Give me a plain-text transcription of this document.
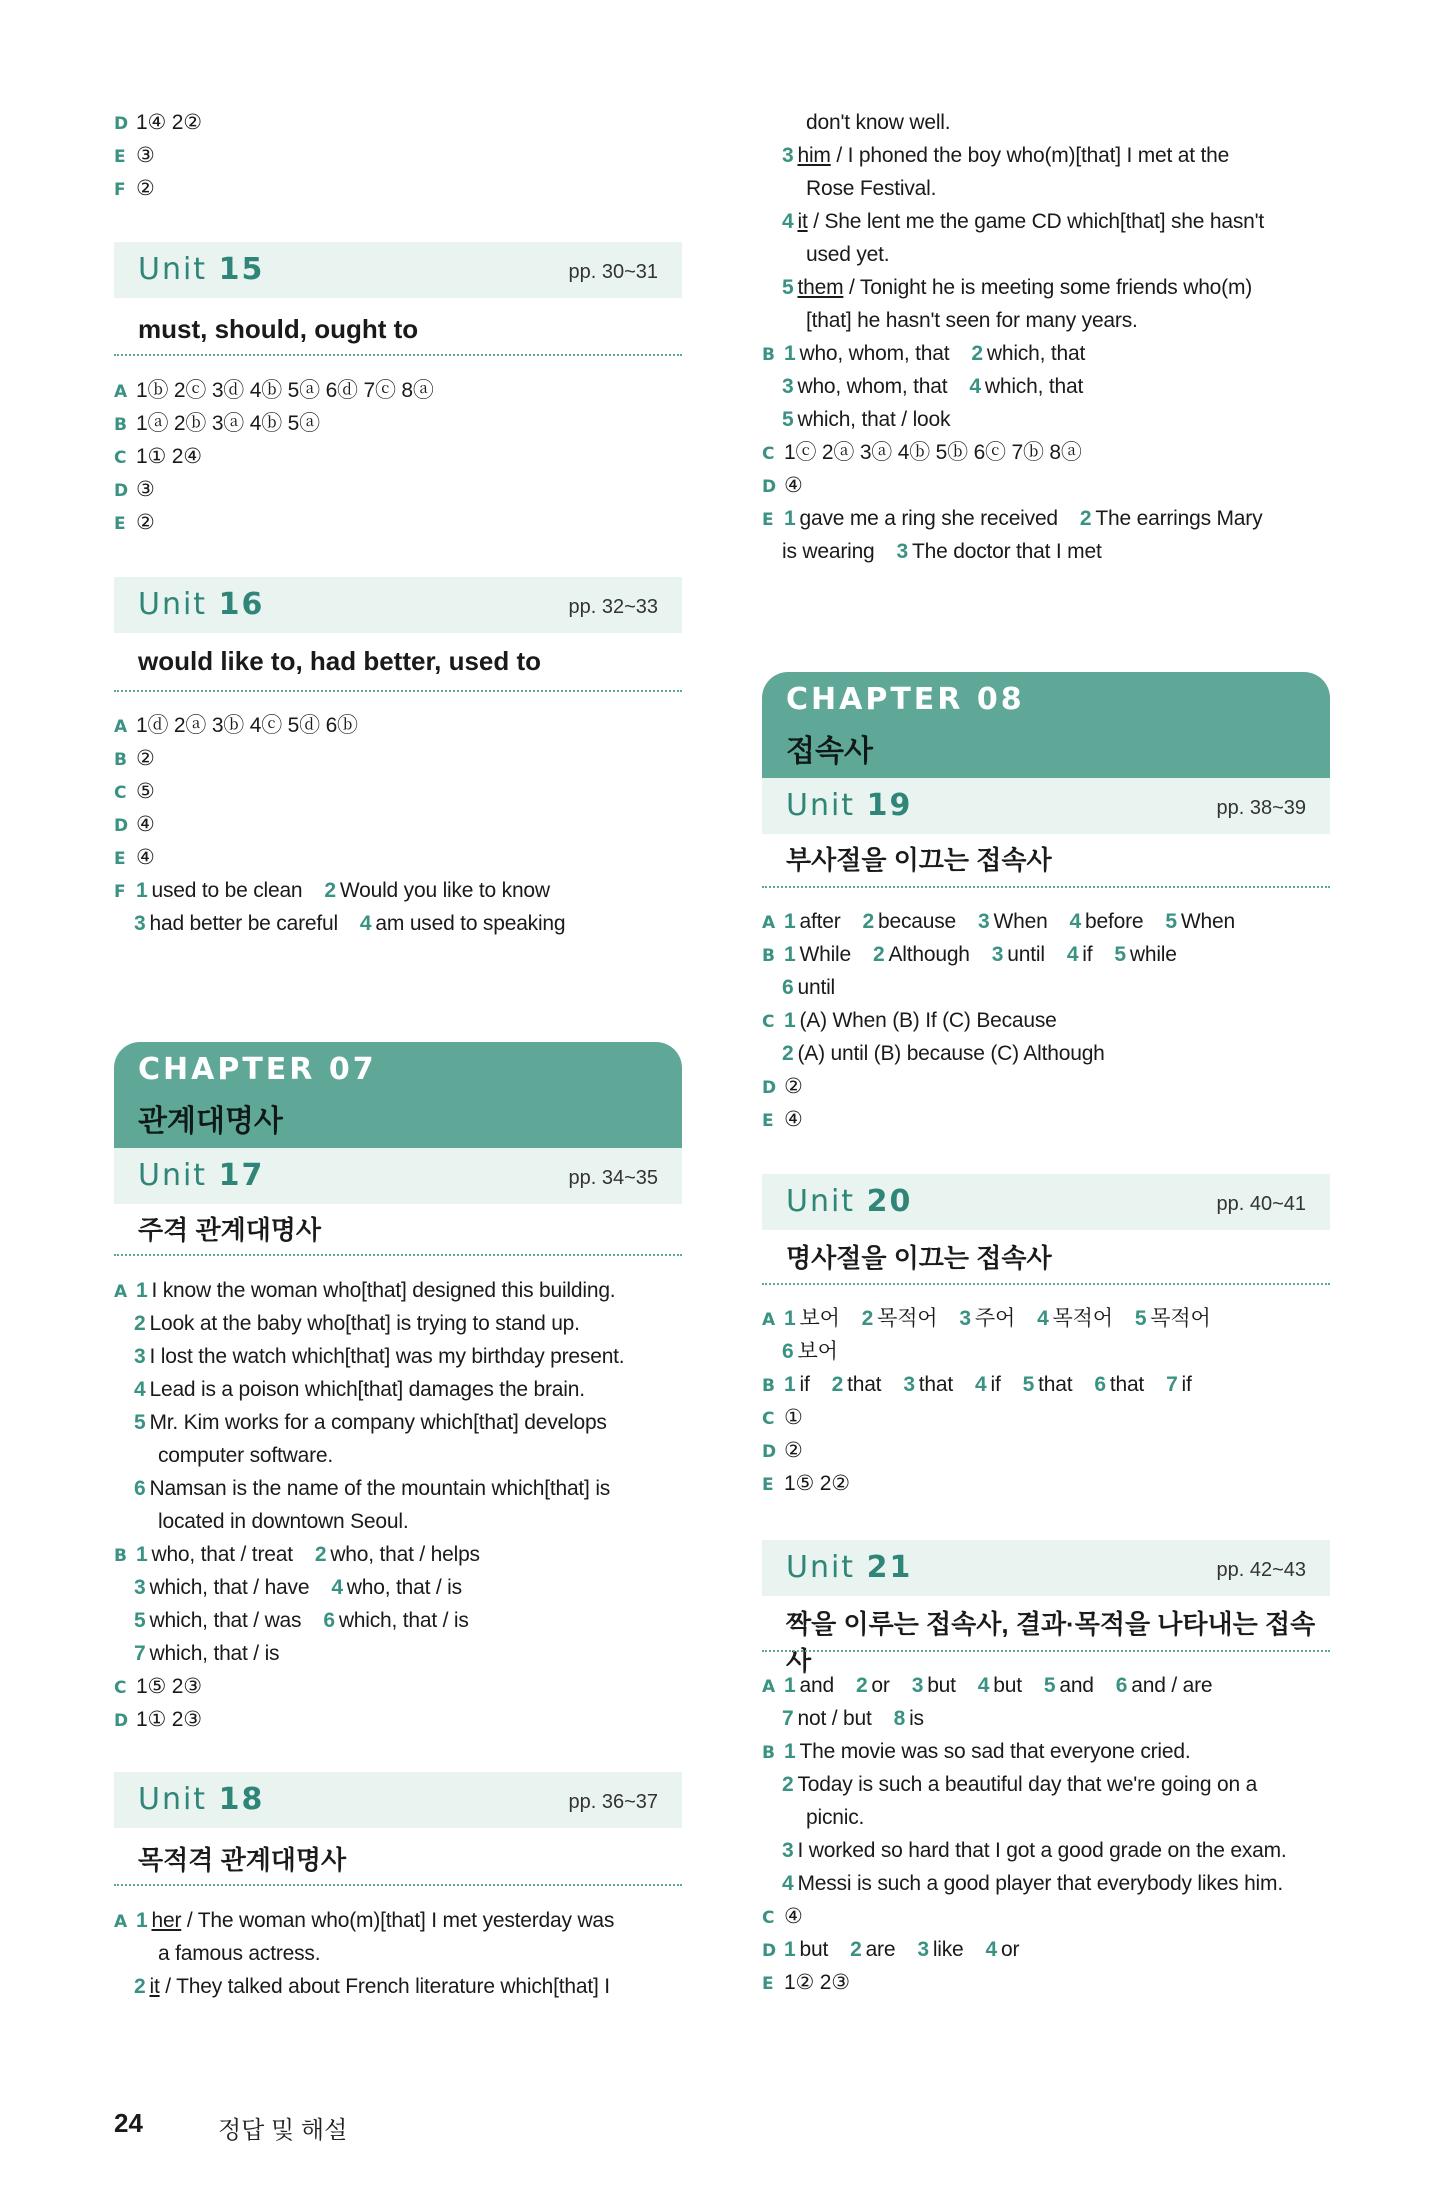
D 1④ 2②
E ③
F ②
Unit 15	pp. 30~31
must, should, ought to
A 1ⓑ 2ⓒ 3ⓓ 4ⓑ 5ⓐ 6ⓓ 7ⓒ 8ⓐ
B 1ⓐ 2ⓑ 3ⓐ 4ⓑ 5ⓐ
C 1① 2④
D ③
E ②
Unit 16	pp. 32~33
would like to, had better, used to
A 1ⓓ 2ⓐ 3ⓑ 4ⓒ 5ⓓ 6ⓑ
B ②
C ⑤
D ④
E ④
F 1 used to be clean 2 Would you like to know
3 had better be careful 4 am used to speaking
CHAPTER 07
관계대명사
Unit 17	pp. 34~35
주격 관계대명사
A 1 I know the woman who[that] designed this building.
2 Look at the baby who[that] is trying to stand up.
3 I lost the watch which[that] was my birthday present.
4 Lead is a poison which[that] damages the brain.
5 Mr. Kim works for a company which[that] develops
computer software.
6 Namsan is the name of the mountain which[that] is
located in downtown Seoul.
B 1 who, that / treat 2 who, that / helps
3 which, that / have 4 who, that / is
5 which, that / was 6 which, that / is
7 which, that / is
C 1⑤ 2③
D 1① 2③
Unit 18	pp. 36~37
목적격 관계대명사
A 1 her / The woman who(m)[that] I met yesterday was
a famous actress.
2 it / They talked about French literature which[that] I
don't know well.
3 him / I phoned the boy who(m)[that] I met at the
Rose Festival.
4 it / She lent me the game CD which[that] she hasn't
used yet.
5 them / Tonight he is meeting some friends who(m)
[that] he hasn't seen for many years.
B 1 who, whom, that 2 which, that
3 who, whom, that 4 which, that
5 which, that / look
C 1ⓒ 2ⓐ 3ⓐ 4ⓑ 5ⓑ 6ⓒ 7ⓑ 8ⓐ
D ④
E 1 gave me a ring she received 2 The earrings Mary
is wearing 3 The doctor that I met
CHAPTER 08
접속사
Unit 19	pp. 38~39
부사절을 이끄는 접속사
A 1 after 2 because 3 When 4 before 5 When
B 1 While 2 Although 3 until 4 if 5 while
6 until
C 1 (A) When (B) If (C) Because
2 (A) until (B) because (C) Although
D ②
E ④
Unit 20	pp. 40~41
명사절을 이끄는 접속사
A 1 보어 2 목적어 3 주어 4 목적어 5 목적어
6 보어
B 1 if 2 that 3 that 4 if 5 that 6 that 7 if
C ①
D ②
E 1⑤ 2②
Unit 21	pp. 42~43
짝을 이루는 접속사, 결과·목적을 나타내는 접속사
A 1 and 2 or 3 but 4 but 5 and 6 and / are
7 not / but 8 is
B 1 The movie was so sad that everyone cried.
2 Today is such a beautiful day that we're going on a
picnic.
3 I worked so hard that I got a good grade on the exam.
4 Messi is such a good player that everybody likes him.
C ④
D 1 but 2 are 3 like 4 or
E 1② 2③
24	정답 및 해설
